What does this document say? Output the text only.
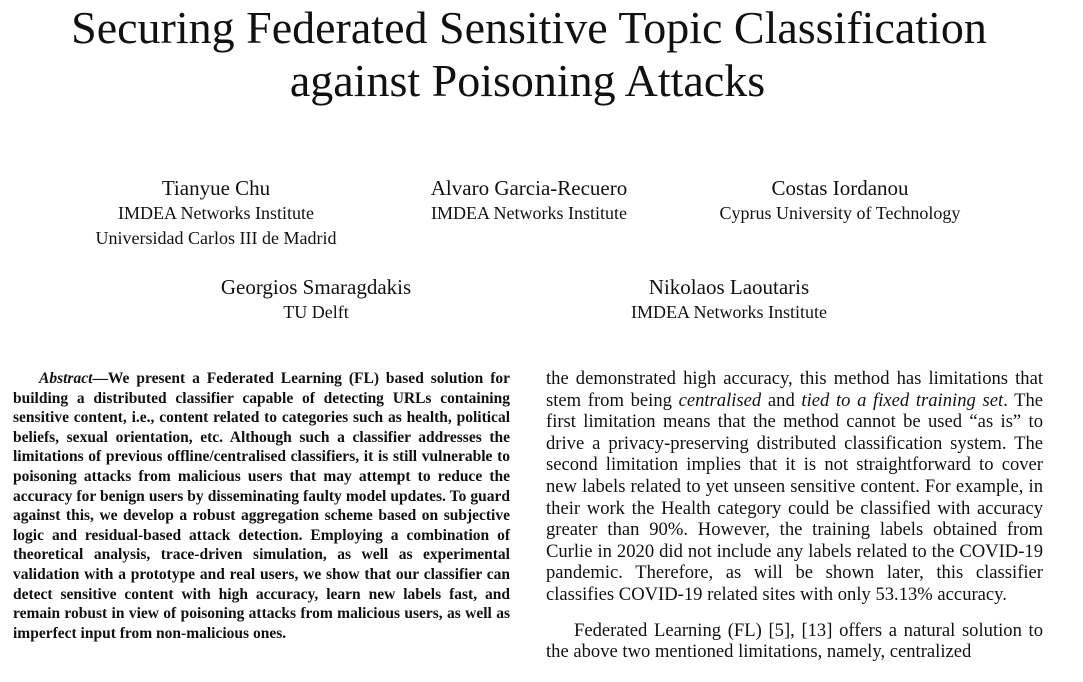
Securing Federated Sensitive Topic Classification
against Poisoning Attacks
Tianyue Chu
IMDEA Networks Institute
Universidad Carlos III de Madrid
Alvaro Garcia-Recuero
IMDEA Networks Institute
Costas Iordanou
Cyprus University of Technology
Georgios Smaragdakis
TU Delft
Nikolaos Laoutaris
IMDEA Networks Institute
Abstract—We present a Federated Learning (FL) based solution for building a distributed classifier capable of detecting URLs containing sensitive content, i.e., content related to categories such as health, political beliefs, sexual orientation, etc. Although such a classifier addresses the limitations of previous offline/centralised classifiers, it is still vulnerable to poisoning attacks from malicious users that may attempt to reduce the accuracy for benign users by disseminating faulty model updates. To guard against this, we develop a robust aggregation scheme based on subjective logic and residual-based attack detection. Employing a combination of theoretical analysis, trace-driven simulation, as well as experimental validation with a prototype and real users, we show that our classifier can detect sensitive content with high accuracy, learn new labels fast, and remain robust in view of poisoning attacks from malicious users, as well as imperfect input from non-malicious ones.

the demonstrated high accuracy, this method has limitations that stem from being centralised and tied to a fixed training set. The first limitation means that the method cannot be used “as is” to drive a privacy-preserving distributed classification system. The second limitation implies that it is not straightforward to cover new labels related to yet unseen sensitive content. For example, in their work the Health category could be classified with accuracy greater than 90%. However, the training labels obtained from Curlie in 2020 did not include any labels related to the COVID-19 pandemic. Therefore, as will be shown later, this classifier classifies COVID-19 related sites with only 53.13% accuracy.

Federated Learning (FL) [5], [13] offers a natural solution to the above two mentioned limitations, namely, centralized
